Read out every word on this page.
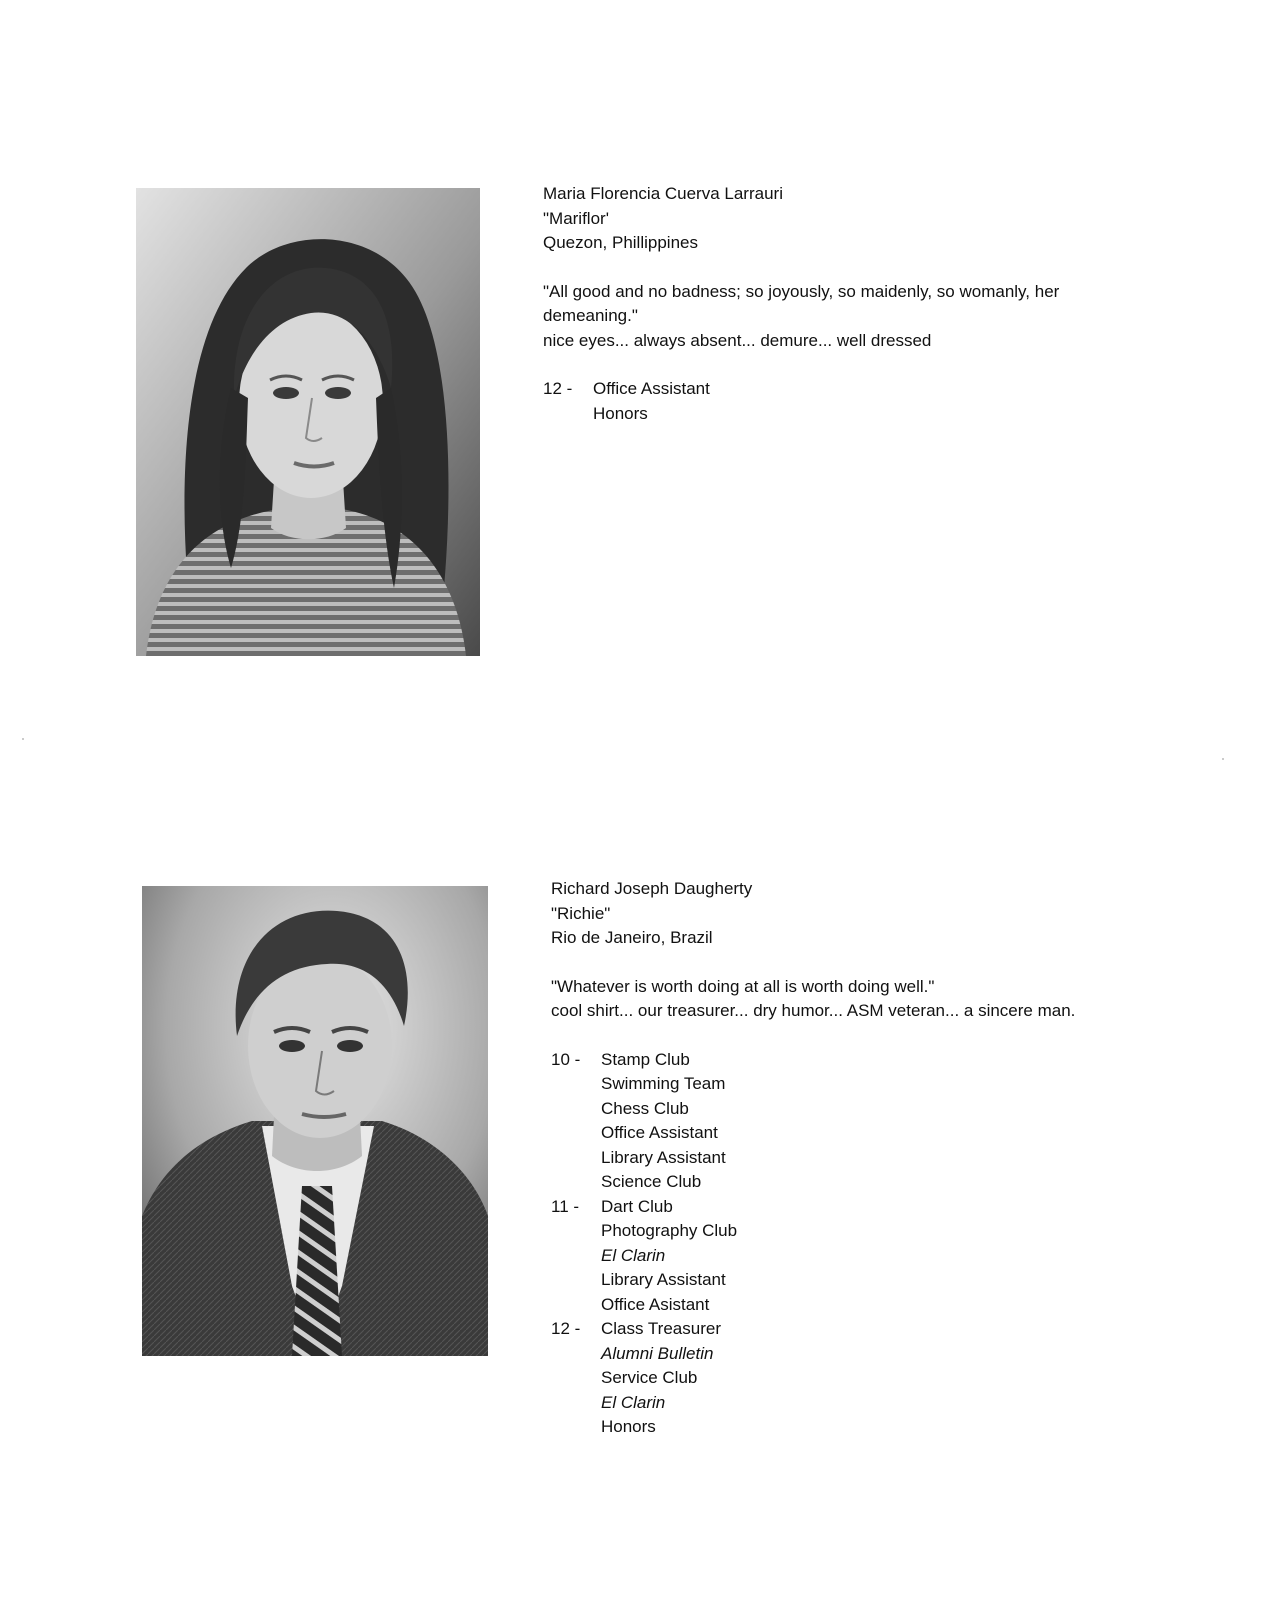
Maria Florencia Cuerva Larrauri
"Mariflor'
Quezon, Phillippines
"All good and no badness; so joyously, so maidenly, so womanly, her demeaning."
nice eyes... always absent... demure... well dressed
12 -	Office Assistant
Honors
Richard Joseph Daugherty
"Richie"
Rio de Janeiro, Brazil
"Whatever is worth doing at all is worth doing well."
cool shirt... our treasurer... dry humor... ASM veteran... a sincere man.
10 -	Stamp Club
Swimming Team
Chess Club
Office Assistant
Library Assistant
Science Club
11 -	Dart Club
Photography Club
El Clarin
Library Assistant
Office Asistant
12 -	Class Treasurer
Alumni Bulletin
Service Club
El Clarin
Honors
